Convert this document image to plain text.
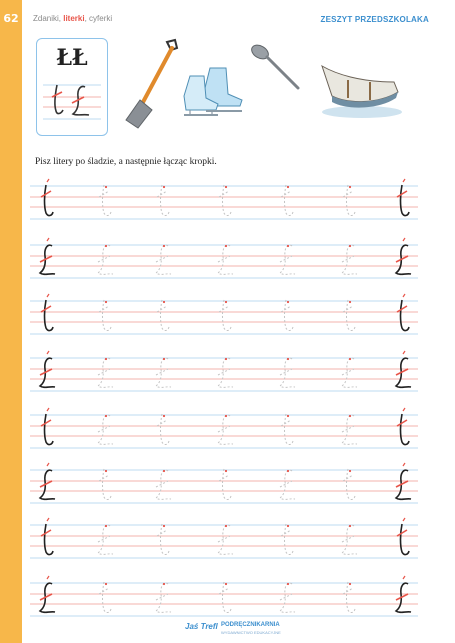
62	Zdaniki, literki, cyferki	ZESZYT PRZEDSZKOLAKA
ŁŁ
Pisz litery po śladzie, a następnie łącząc kropki.
Jaś Trefl PODRĘCZNIKARNIA
WYDAWNICTWO EDUKACYJNE
